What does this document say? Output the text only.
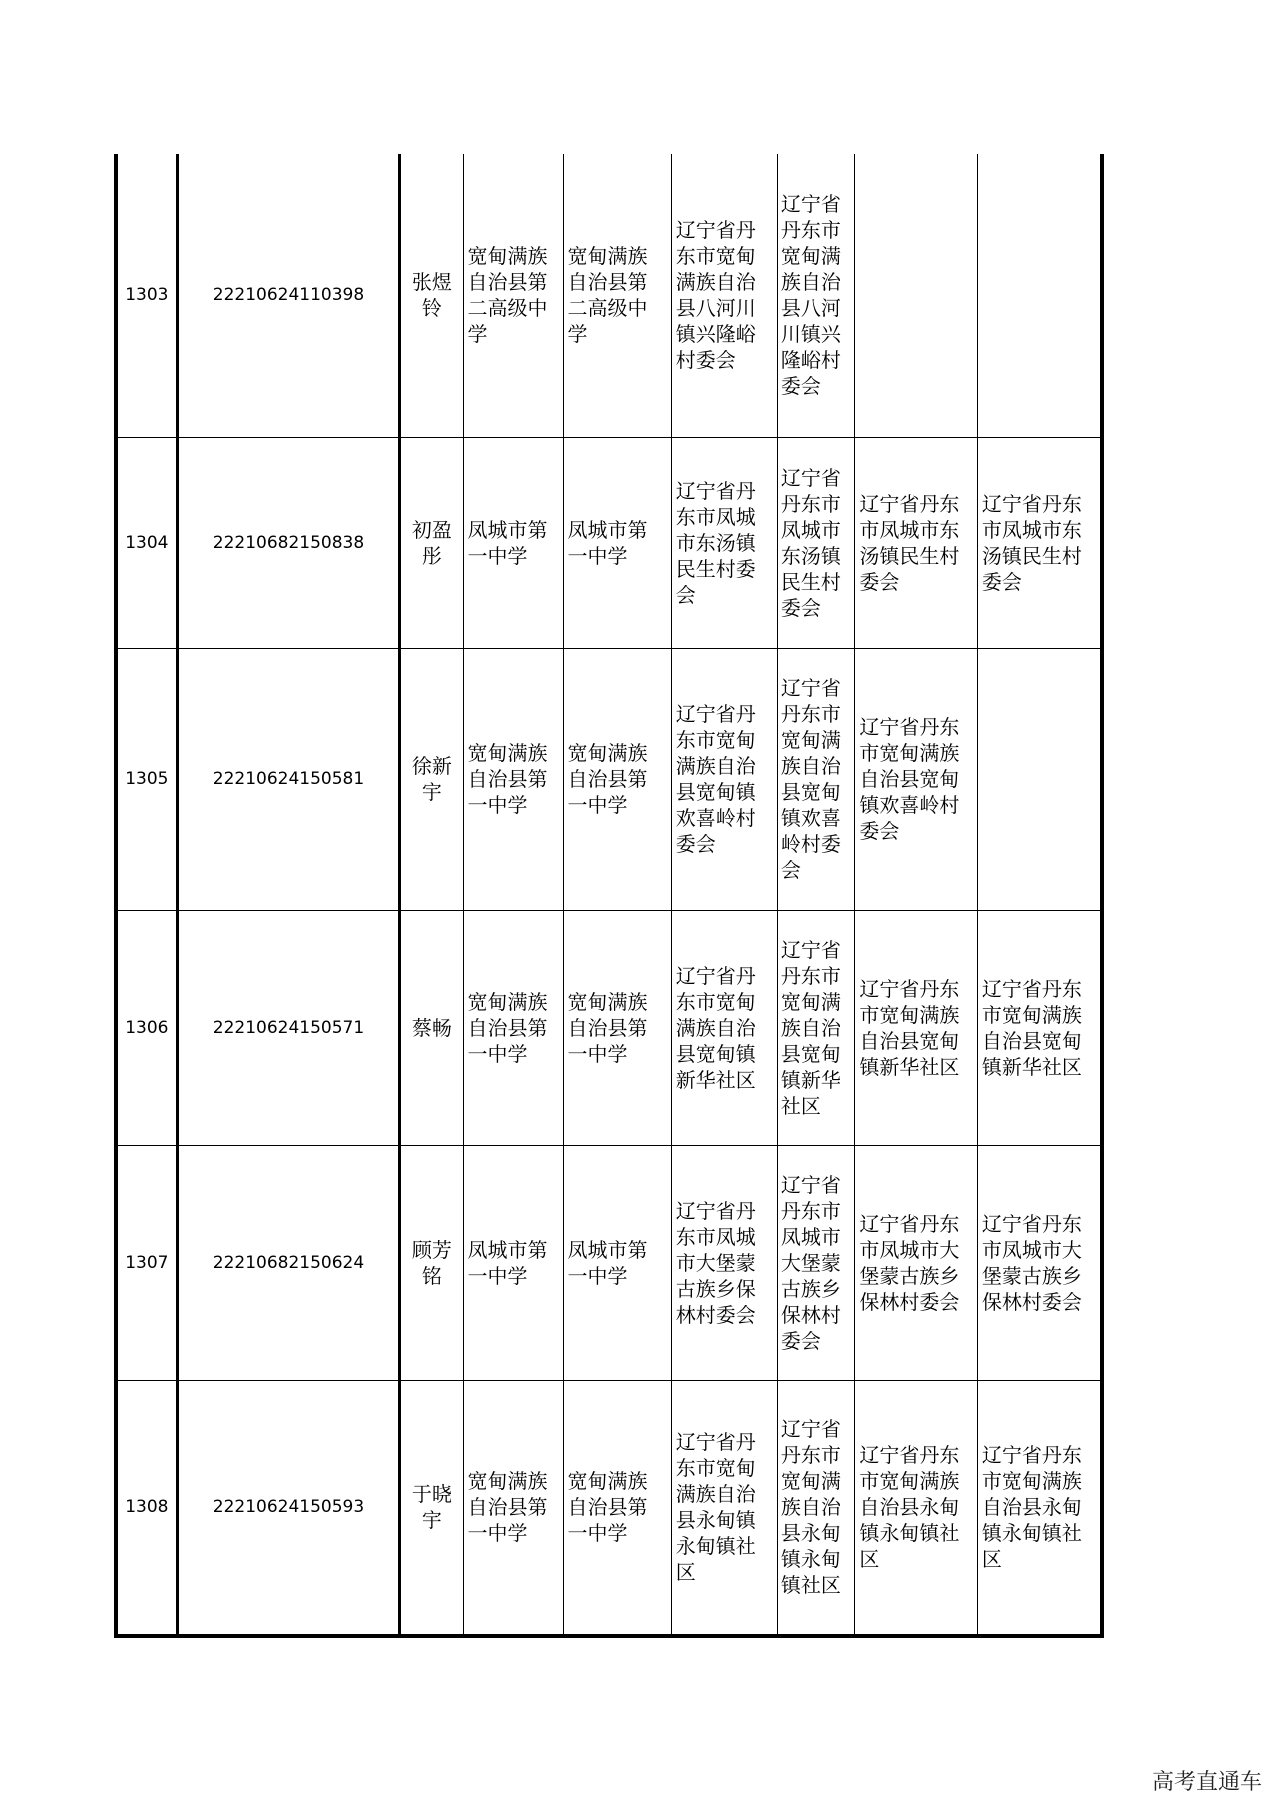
1303	22210624110398	张煜铃	宽甸满族自治县第二高级中学	宽甸满族自治县第二高级中学	辽宁省丹东市宽甸满族自治县八河川镇兴隆峪村委会	辽宁省丹东市宽甸满族自治县八河川镇兴隆峪村委会		
1304	22210682150838	初盈彤	凤城市第一中学	凤城市第一中学	辽宁省丹东市凤城市东汤镇民生村委会	辽宁省丹东市凤城市东汤镇民生村委会	辽宁省丹东市凤城市东汤镇民生村委会	辽宁省丹东市凤城市东汤镇民生村委会
1305	22210624150581	徐新宇	宽甸满族自治县第一中学	宽甸满族自治县第一中学	辽宁省丹东市宽甸满族自治县宽甸镇欢喜岭村委会	辽宁省丹东市宽甸满族自治县宽甸镇欢喜岭村委会	辽宁省丹东市宽甸满族自治县宽甸镇欢喜岭村委会	
1306	22210624150571	蔡畅	宽甸满族自治县第一中学	宽甸满族自治县第一中学	辽宁省丹东市宽甸满族自治县宽甸镇新华社区	辽宁省丹东市宽甸满族自治县宽甸镇新华社区	辽宁省丹东市宽甸满族自治县宽甸镇新华社区	辽宁省丹东市宽甸满族自治县宽甸镇新华社区
1307	22210682150624	顾芳铭	凤城市第一中学	凤城市第一中学	辽宁省丹东市凤城市大堡蒙古族乡保林村委会	辽宁省丹东市凤城市大堡蒙古族乡保林村委会	辽宁省丹东市凤城市大堡蒙古族乡保林村委会	辽宁省丹东市凤城市大堡蒙古族乡保林村委会
1308	22210624150593	于晓宇	宽甸满族自治县第一中学	宽甸满族自治县第一中学	辽宁省丹东市宽甸满族自治县永甸镇永甸镇社区	辽宁省丹东市宽甸满族自治县永甸镇永甸镇社区	辽宁省丹东市宽甸满族自治县永甸镇永甸镇社区	辽宁省丹东市宽甸满族自治县永甸镇永甸镇社区
高考直通车
